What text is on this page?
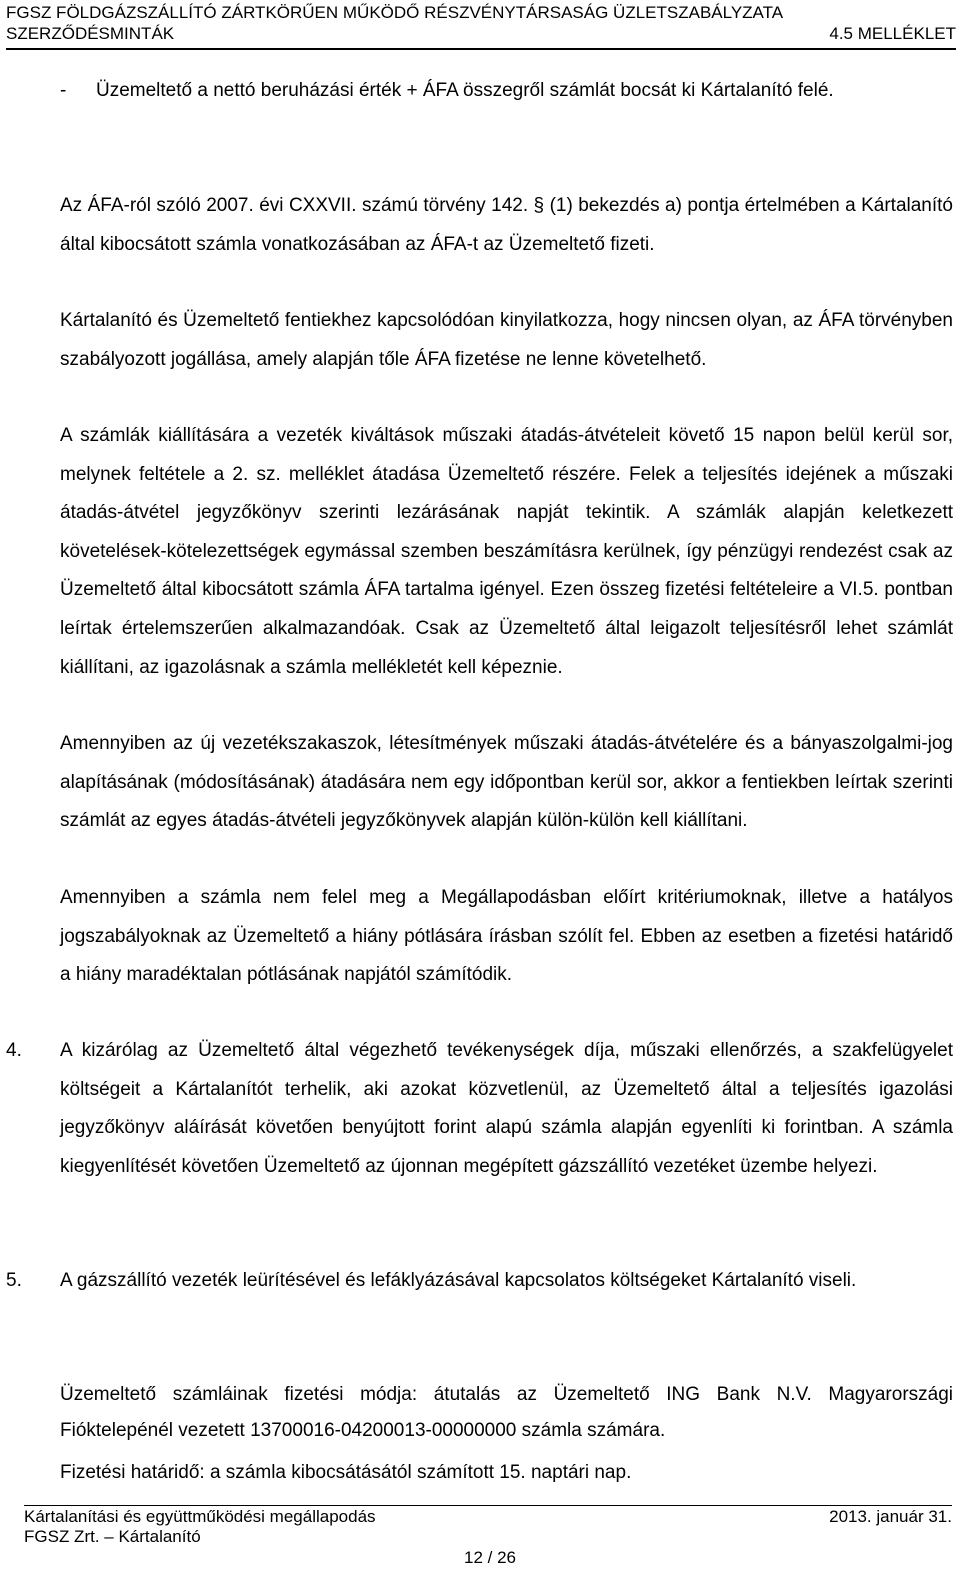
FGSZ FÖLDGÁZSZÁLLÍTÓ ZÁRTKÖRŰEN MŰKÖDŐ RÉSZVÉNYTÁRSASÁG ÜZLETSZABÁLYZATA
SZERZŐDÉSMINTÁK	4.5 MELLÉKLET
- Üzemeltető a nettó beruházási érték + ÁFA összegről számlát bocsát ki Kártalanító felé.
Az ÁFA-ról szóló 2007. évi CXXVII. számú törvény 142. § (1) bekezdés a) pontja értelmében a Kártalanító által kibocsátott számla vonatkozásában az ÁFA-t az Üzemeltető fizeti.
Kártalanító és Üzemeltető fentiekhez kapcsolódóan kinyilatkozza, hogy nincsen olyan, az ÁFA törvényben szabályozott jogállása, amely alapján tőle ÁFA fizetése ne lenne követelhető.
A számlák kiállítására a vezeték kiváltások műszaki átadás-átvételeit követő 15 napon belül kerül sor, melynek feltétele a 2. sz. melléklet átadása Üzemeltető részére. Felek a teljesítés idejének a műszaki átadás-átvétel jegyzőkönyv szerinti lezárásának napját tekintik. A számlák alapján keletkezett követelések-kötelezettségek egymással szemben beszámításra kerülnek, így pénzügyi rendezést csak az Üzemeltető által kibocsátott számla ÁFA tartalma igényel. Ezen összeg fizetési feltételeire a VI.5. pontban leírtak értelemszerűen alkalmazandóak. Csak az Üzemeltető által leigazolt teljesítésről lehet számlát kiállítani, az igazolásnak a számla mellékletét kell képeznie.
Amennyiben az új vezetékszakaszok, létesítmények műszaki átadás-átvételére és a bányaszolgalmi-jog alapításának (módosításának) átadására nem egy időpontban kerül sor, akkor a fentiekben leírtak szerinti számlát az egyes átadás-átvételi jegyzőkönyvek alapján külön-külön kell kiállítani.
Amennyiben a számla nem felel meg a Megállapodásban előírt kritériumoknak, illetve a hatályos jogszabályoknak az Üzemeltető a hiány pótlására írásban szólít fel. Ebben az esetben a fizetési határidő a hiány maradéktalan pótlásának napjától számítódik.
4. A kizárólag az Üzemeltető által végezhető tevékenységek díja, műszaki ellenőrzés, a szakfelügyelet költségeit a Kártalanítót terhelik, aki azokat közvetlenül, az Üzemeltető által a teljesítés igazolási jegyzőkönyv aláírását követően benyújtott forint alapú számla alapján egyenlíti ki forintban. A számla kiegyenlítését követően Üzemeltető az újonnan megépített gázszállító vezetéket üzembe helyezi.
5. A gázszállító vezeték leürítésével és lefáklyázásával kapcsolatos költségeket Kártalanító viseli.
Üzemeltető számláinak fizetési módja: átutalás az Üzemeltető ING Bank N.V. Magyarországi Fióktelepénél vezetett 13700016-04200013-00000000 számla számára.
Fizetési határidő: a számla kibocsátásától számított 15. naptári nap.
Kártalanítási és együttműködési megállapodás	2013. január 31.
FGSZ Zrt. – Kártalanító
12 / 26
